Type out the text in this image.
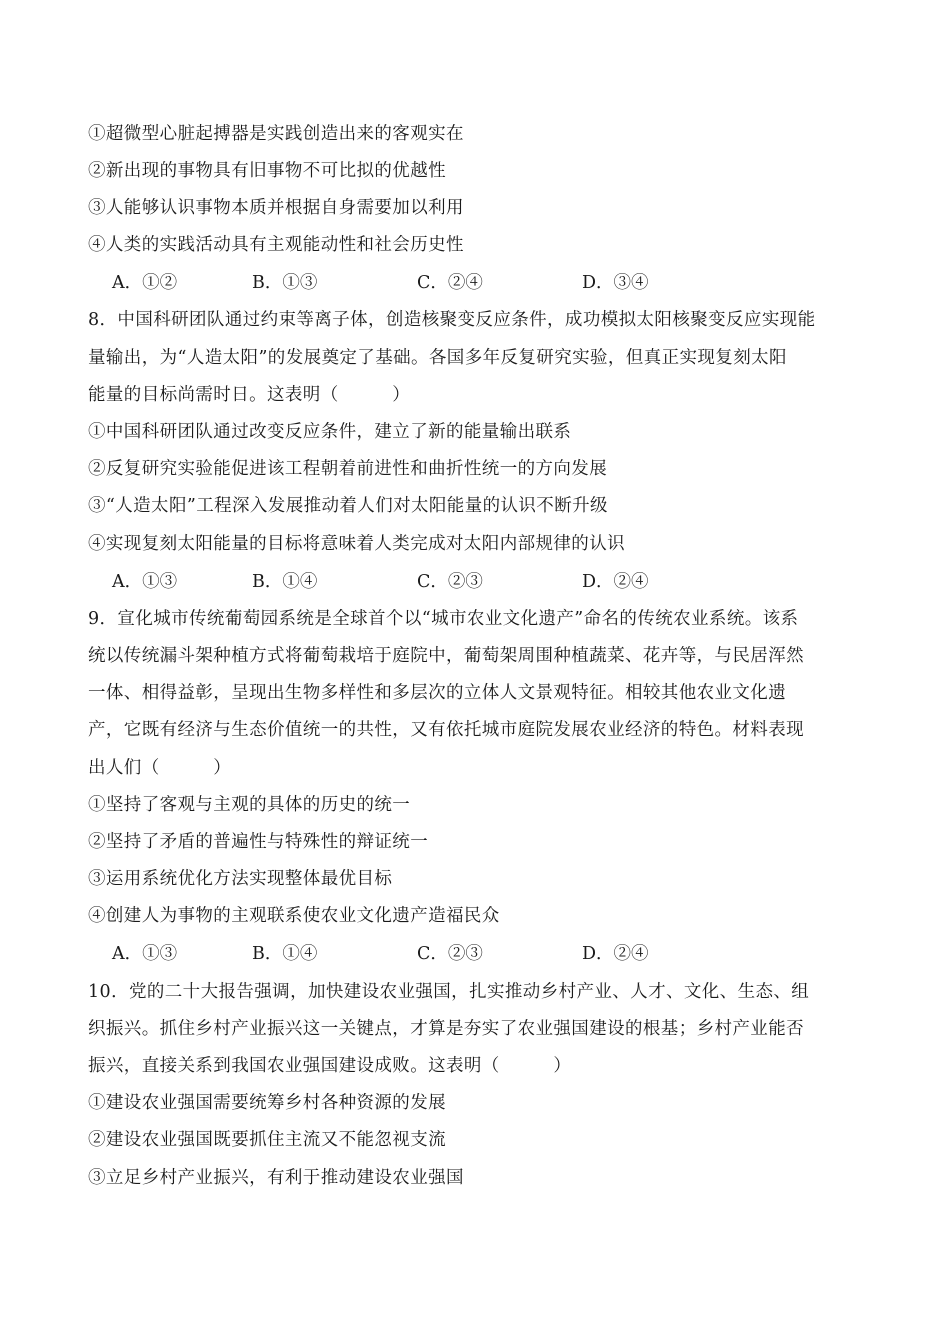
①超微型心脏起搏器是实践创造出来的客观实在
②新出现的事物具有旧事物不可比拟的优越性
③人能够认识事物本质并根据自身需要加以利用
④人类的实践活动具有主观能动性和社会历史性
A．①②	B．①③	C．②④	D．③④
8．中国科研团队通过约束等离子体，创造核聚变反应条件，成功模拟太阳核聚变反应实现能
量输出，为“人造太阳”的发展奠定了基础。各国多年反复研究实验，但真正实现复刻太阳
能量的目标尚需时日。这表明（　　　）
①中国科研团队通过改变反应条件，建立了新的能量输出联系
②反复研究实验能促进该工程朝着前进性和曲折性统一的方向发展
③“人造太阳”工程深入发展推动着人们对太阳能量的认识不断升级
④实现复刻太阳能量的目标将意味着人类完成对太阳内部规律的认识
A．①③	B．①④	C．②③	D．②④
9．宣化城市传统葡萄园系统是全球首个以“城市农业文化遗产”命名的传统农业系统。该系
统以传统漏斗架种植方式将葡萄栽培于庭院中，葡萄架周围种植蔬菜、花卉等，与民居浑然
一体、相得益彰，呈现出生物多样性和多层次的立体人文景观特征。相较其他农业文化遗
产，它既有经济与生态价值统一的共性，又有依托城市庭院发展农业经济的特色。材料表现
出人们（　　　）
①坚持了客观与主观的具体的历史的统一
②坚持了矛盾的普遍性与特殊性的辩证统一
③运用系统优化方法实现整体最优目标
④创建人为事物的主观联系使农业文化遗产造福民众
A．①③	B．①④	C．②③	D．②④
10．党的二十大报告强调，加快建设农业强国，扎实推动乡村产业、人才、文化、生态、组
织振兴。抓住乡村产业振兴这一关键点，才算是夯实了农业强国建设的根基；乡村产业能否
振兴，直接关系到我国农业强国建设成败。这表明（　　　）
①建设农业强国需要统筹乡村各种资源的发展
②建设农业强国既要抓住主流又不能忽视支流
③立足乡村产业振兴，有利于推动建设农业强国
